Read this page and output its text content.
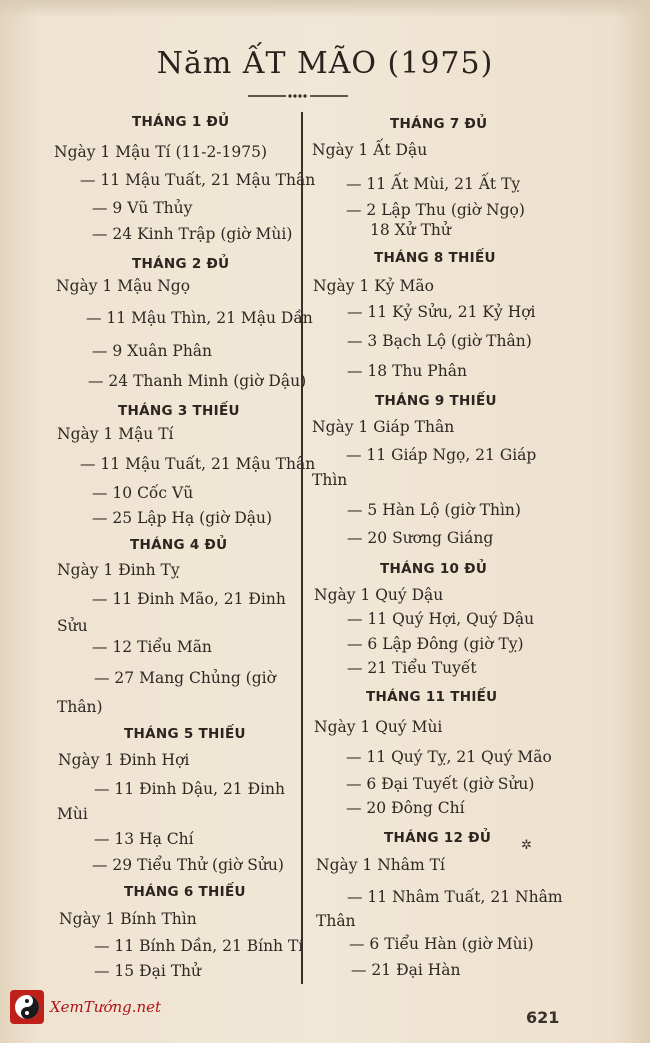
Năm ẤT MÃO (1975)
THÁNG 1 ĐỦ
Ngày 1 Mậu Tí (11-2-1975)
— 11 Mậu Tuất, 21 Mậu Thân
— 9 Vũ Thủy
— 24 Kinh Trập (giờ Mùi)
THÁNG 2 ĐỦ
Ngày 1 Mậu Ngọ
— 11 Mậu Thìn, 21 Mậu Dần
— 9 Xuân Phân
— 24 Thanh Minh (giờ Dậu)
THÁNG 3 THIẾU
Ngày 1 Mậu Tí
— 11 Mậu Tuất, 21 Mậu Thân
— 10 Cốc Vũ
— 25 Lập Hạ (giờ Dậu)
THÁNG 4 ĐỦ
Ngày 1 Đinh Tỵ
— 11 Đinh Mão, 21 Đinh
Sửu
— 12 Tiểu Mãn
— 27 Mang Chủng (giờ
Thân)
THÁNG 5 THIẾU
Ngày 1 Đinh Hợi
— 11 Đinh Dậu, 21 Đinh
Mùi
— 13 Hạ Chí
— 29 Tiểu Thử (giờ Sửu)
THÁNG 6 THIẾU
Ngày 1 Bính Thìn
— 11 Bính Dần, 21 Bính Tí
— 15 Đại Thử
THÁNG 7 ĐỦ
Ngày 1 Ất Dậu
— 11 Ất Mùi, 21 Ất Tỵ
— 2 Lập Thu (giờ Ngọ)
18 Xử Thử
THÁNG 8 THIẾU
Ngày 1 Kỷ Mão
— 11 Kỷ Sửu, 21 Kỷ Hợi
— 3 Bạch Lộ (giờ Thân)
— 18 Thu Phân
THÁNG 9 THIẾU
Ngày 1 Giáp Thân
— 11 Giáp Ngọ, 21 Giáp
Thìn
— 5 Hàn Lộ (giờ Thìn)
— 20 Sương Giáng
THÁNG 10 ĐỦ
Ngày 1 Quý Dậu
— 11 Quý Hợi, Quý Dậu
— 6 Lập Đông (giờ Tỵ)
— 21 Tiểu Tuyết
THÁNG 11 THIẾU
Ngày 1 Quý Mùi
— 11 Quý Tỵ, 21 Quý Mão
— 6 Đại Tuyết (giờ Sửu)
— 20 Đông Chí
THÁNG 12 ĐỦ
Ngày 1 Nhâm Tí
— 11 Nhâm Tuất, 21 Nhâm
Thân
— 6 Tiểu Hàn (giờ Mùi)
— 21 Đại Hàn
✲
XemTướng.net
621
